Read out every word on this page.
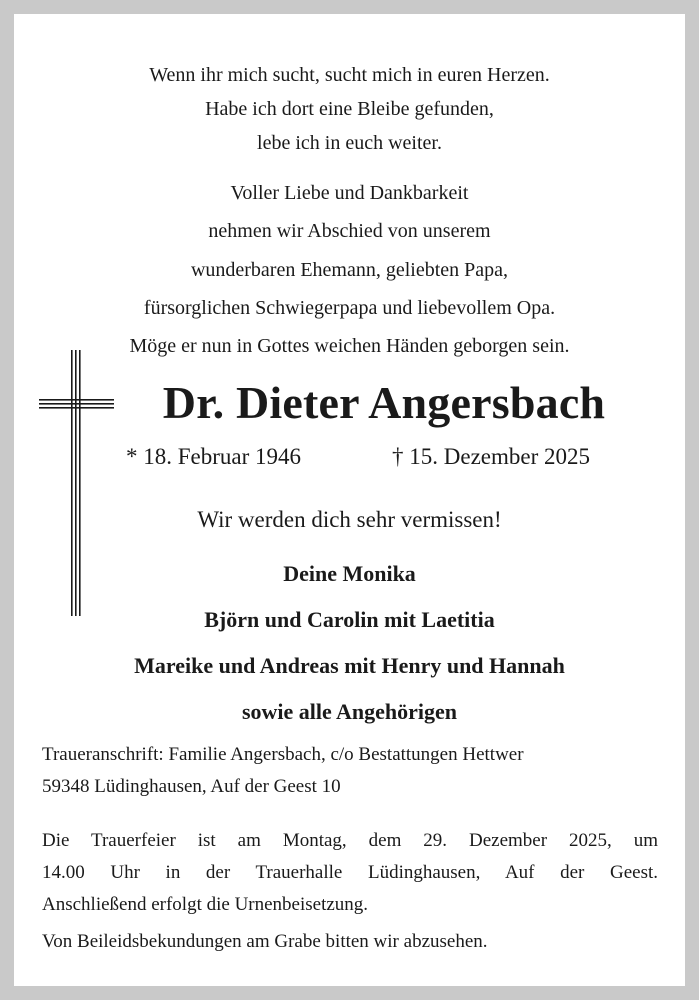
Wenn ihr mich sucht, sucht mich in euren Herzen.
Habe ich dort eine Bleibe gefunden,
lebe ich in euch weiter.
Voller Liebe und Dankbarkeit
nehmen wir Abschied von unserem
wunderbaren Ehemann, geliebten Papa,
fürsorglichen Schwiegerpapa und liebevollem Opa.
Möge er nun in Gottes weichen Händen geborgen sein.
Dr. Dieter Angersbach
* 18. Februar 1946	† 15. Dezember 2025
Wir werden dich sehr vermissen!
Deine Monika
Björn und Carolin mit Laetitia
Mareike und Andreas mit Henry und Hannah
sowie alle Angehörigen
Traueranschrift: Familie Angersbach, c/o Bestattungen Hettwer
59348 Lüdinghausen, Auf der Geest 10
Die Trauerfeier ist am Montag, dem 29. Dezember 2025, um
14.00 Uhr in der Trauerhalle Lüdinghausen, Auf der Geest.
Anschließend erfolgt die Urnenbeisetzung.
Von Beileidsbekundungen am Grabe bitten wir abzusehen.
